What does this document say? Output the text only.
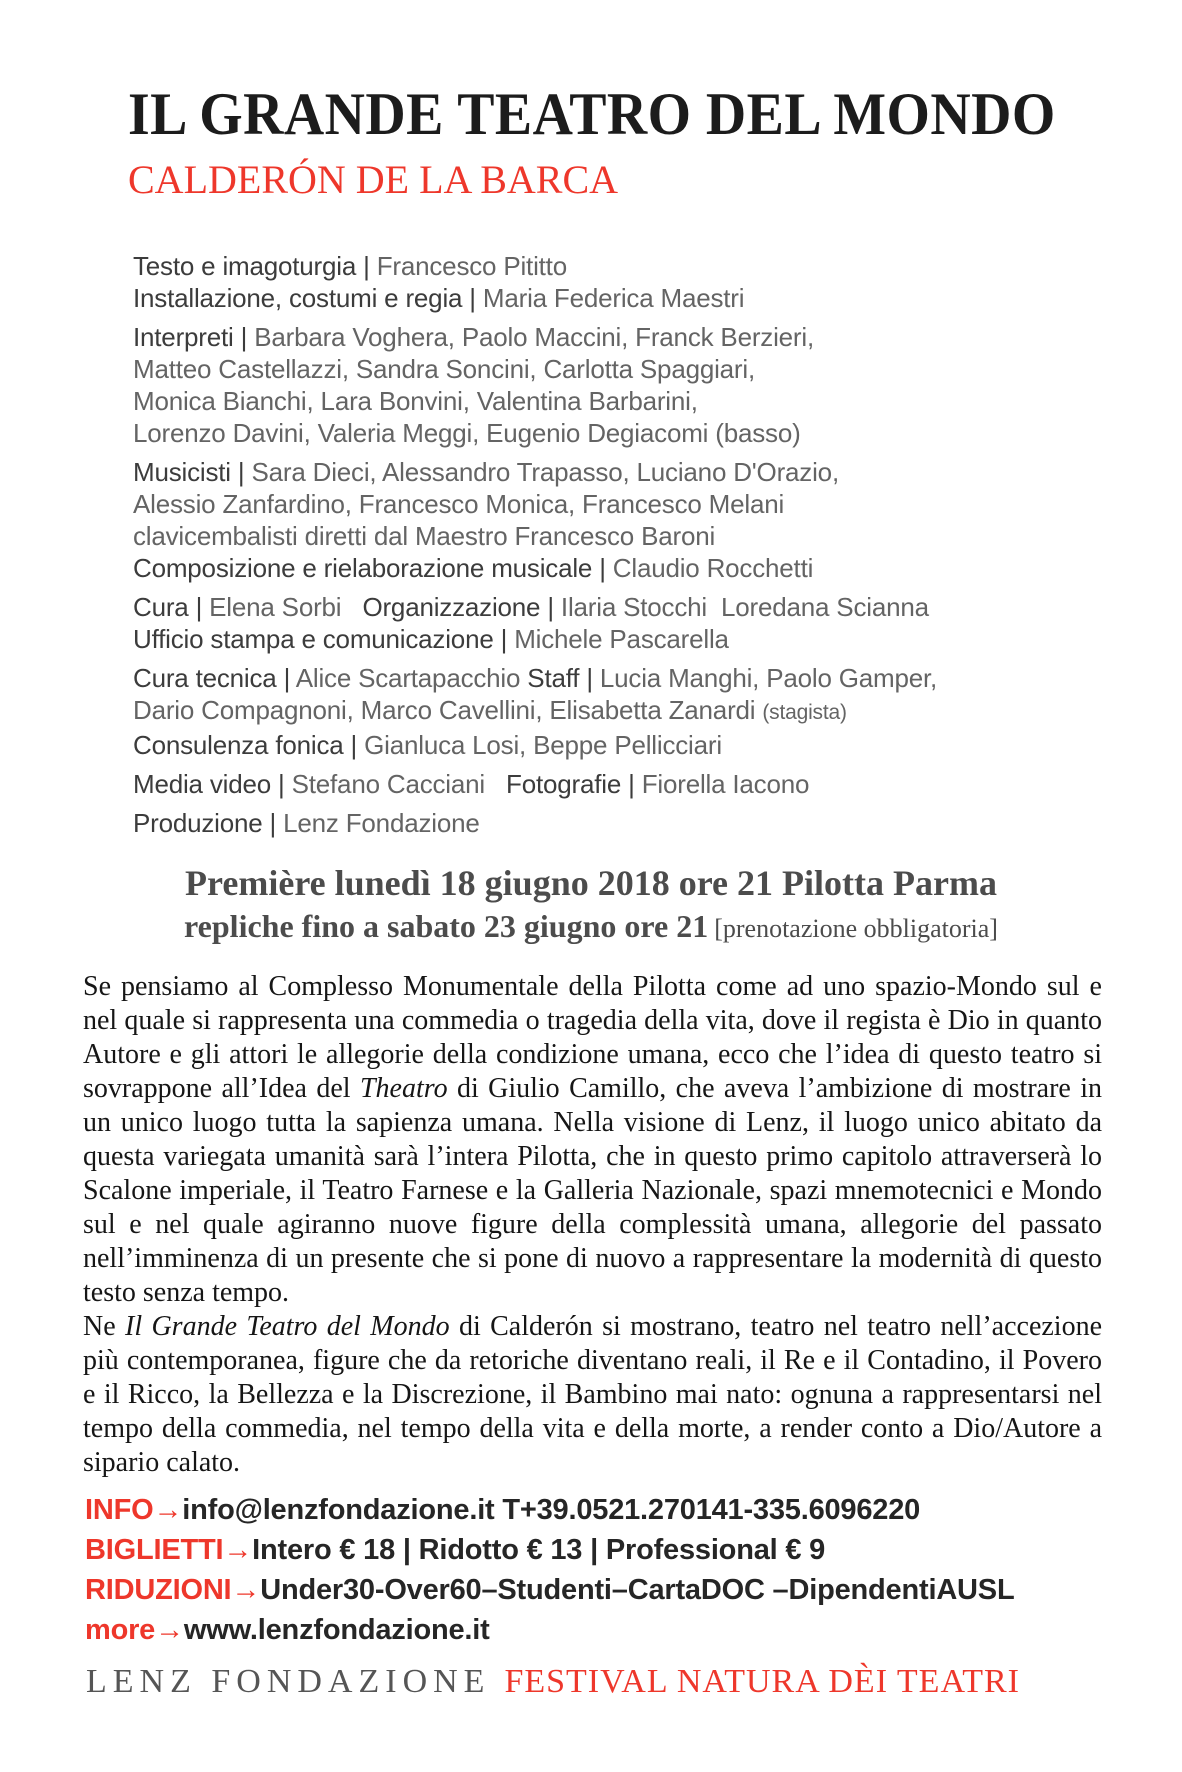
IL GRANDE TEATRO DEL MONDO
CALDERÓN DE LA BARCA
Testo e imagoturgia | Francesco Pititto
Installazione, costumi e regia | Maria Federica Maestri
Interpreti | Barbara Voghera, Paolo Maccini, Franck Berzieri,
Matteo Castellazzi, Sandra Soncini, Carlotta Spaggiari,
Monica Bianchi, Lara Bonvini, Valentina Barbarini,
Lorenzo Davini, Valeria Meggi, Eugenio Degiacomi (basso)
Musicisti | Sara Dieci, Alessandro Trapasso, Luciano D'Orazio,
Alessio Zanfardino, Francesco Monica, Francesco Melani
clavicembalisti diretti dal Maestro Francesco Baroni
Composizione e rielaborazione musicale | Claudio Rocchetti
Cura | Elena Sorbi   Organizzazione | Ilaria Stocchi  Loredana Scianna
Ufficio stampa e comunicazione | Michele Pascarella
Cura tecnica | Alice Scartapacchio Staff | Lucia Manghi, Paolo Gamper,
Dario Compagnoni, Marco Cavellini, Elisabetta Zanardi (stagista)
Consulenza fonica | Gianluca Losi, Beppe Pellicciari
Media video | Stefano Cacciani   Fotografie | Fiorella Iacono
Produzione | Lenz Fondazione
Première lunedì 18 giugno 2018 ore 21 Pilotta Parma
repliche fino a sabato 23 giugno ore 21 [prenotazione obbligatoria]

Se pensiamo al Complesso Monumentale della Pilotta come ad uno spazio-Mondo sul e nel quale si rappresenta una commedia o tragedia della vita, dove il regista è Dio in quanto Autore e gli attori le allegorie della condizione umana, ecco che l’idea di questo teatro si sovrappone all’Idea del Theatro di Giulio Camillo, che aveva l’ambizione di mostrare in un unico luogo tutta la sapienza umana. Nella visione di Lenz, il luogo unico abitato da questa variegata umanità sarà l’intera Pilotta, che in questo primo capitolo attraverserà lo Scalone imperiale, il Teatro Farnese e la Galleria Nazionale, spazi mnemotecnici e Mondo sul e nel quale agiranno nuove figure della complessità umana, allegorie del passato nell’imminenza di un presente che si pone di nuovo a rappresentare la modernità di questo testo senza tempo.

Ne Il Grande Teatro del Mondo di Calderón si mostrano, teatro nel teatro nell’accezione più contemporanea, figure che da retoriche diventano reali, il Re e il Contadino, il Povero e il Ricco, la Bellezza e la Discrezione, il Bambino mai nato: ognuna a rappresentarsi nel tempo della commedia, nel tempo della vita e della morte, a render conto a Dio/Autore a sipario calato.

INFO→info@lenzfondazione.it T+39.0521.270141-335.6096220
BIGLIETTI→Intero € 18 | Ridotto € 13 | Professional € 9
RIDUZIONI→Under30-Over60–Studenti–CartaDOC –DipendentiAUSL
more→www.lenzfondazione.it
LENZ FONDAZIONE FESTIVAL NATURA DÈI TEATRI
